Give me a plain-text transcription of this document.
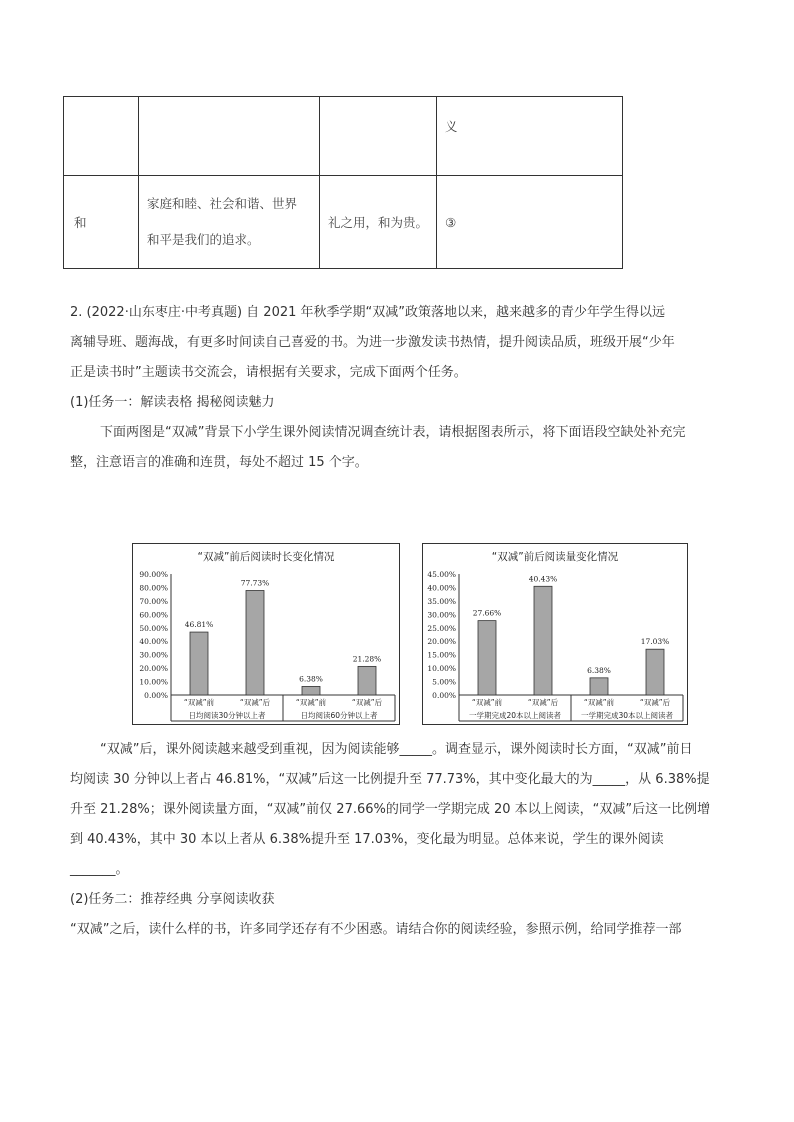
			义
和	家庭和睦、社会和谐、世界
和平是我们的追求。	礼之用，和为贵。	③

2. (2022·山东枣庄·中考真题) 自 2021 年秋季学期“双减”政策落地以来，越来越多的青少年学生得以远

离辅导班、题海战，有更多时间读自己喜爱的书。为进一步激发读书热情，提升阅读品质，班级开展“少年

正是读书时”主题读书交流会，请根据有关要求，完成下面两个任务。

(1)任务一：解读表格 揭秘阅读魅力

下面两图是“双减”背景下小学生课外阅读情况调查统计表，请根据图表所示，将下面语段空缺处补充完

整，注意语言的准确和连贯，每处不超过 15 个字。

“双减”前后阅读时长变化情况
90.00%
80.00%
70.00%
60.00%
50.00%
40.00%
30.00%
20.00%
10.00%
0.00%
46.81%
“双减”前
77.73%
“双减”后
6.38%
“双减”前
21.28%
“双减”后
日均阅读30分钟以上者	日均阅读60分钟以上者
“双减”前后阅读量变化情况
45.00%
40.00%
35.00%
30.00%
25.00%
20.00%
15.00%
10.00%
5.00%
0.00%
27.66%
“双减”前
40.43%
“双减”后
6.38%
“双减”前
17.03%
“双减”后
一学期完成20本以上阅读者	一学期完成30本以上阅读者

“双减”后，课外阅读越来越受到重视，因为阅读能够_____。调查显示，课外阅读时长方面，“双减”前日

均阅读 30 分钟以上者占 46.81%，“双减”后这一比例提升至 77.73%，其中变化最大的为_____，从 6.38%提

升至 21.28%；课外阅读量方面，“双减”前仅 27.66%的同学一学期完成 20 本以上阅读，“双减”后这一比例增

到 40.43%，其中 30 本以上者从 6.38%提升至 17.03%，变化最为明显。总体来说，学生的课外阅读

_______。

(2)任务二：推荐经典 分享阅读收获

“双减”之后，读什么样的书，许多同学还存有不少困惑。请结合你的阅读经验，参照示例，给同学推荐一部
